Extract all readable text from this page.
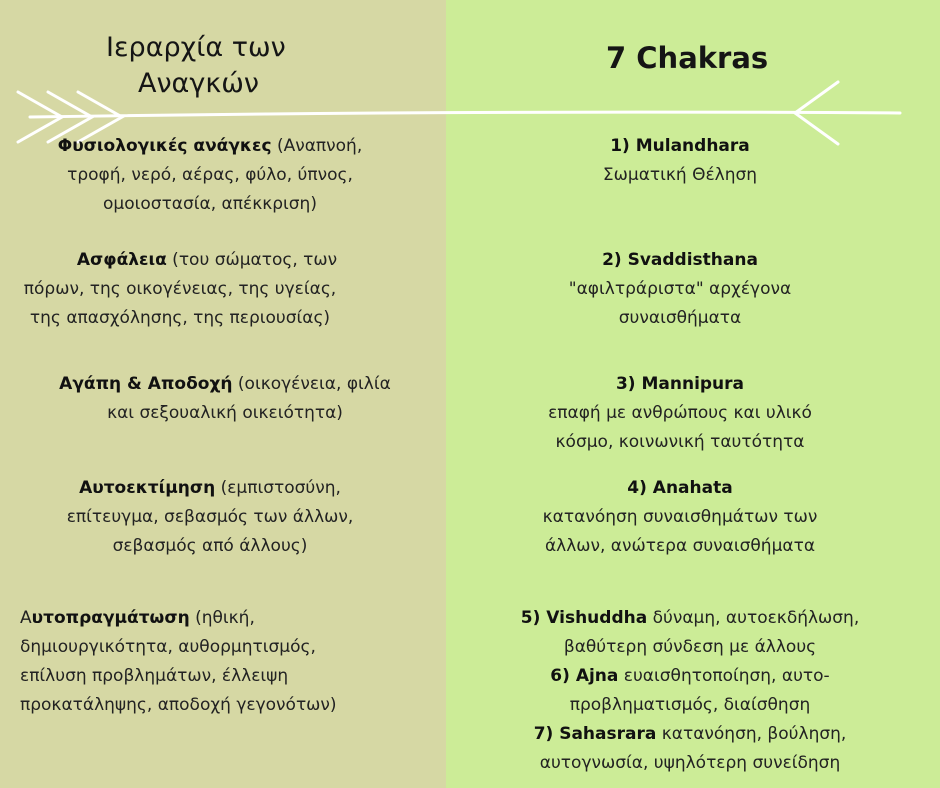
Ιεραρχία των
Αναγκών
7 Chakras
Φυσιολογικές ανάγκες (Αναπνοή,
τροφή, νερό, αέρας, φύλο, ύπνος,
ομοιοστασία, απέκκριση)
Ασφάλεια (του σώματος, των
πόρων, της οικογένειας, της υγείας,
της απασχόλησης, της περιουσίας)
Αγάπη & Αποδοχή (οικογένεια, φιλία
και σεξουαλική οικειότητα)
Αυτοεκτίμηση (εμπιστοσύνη,
επίτευγμα, σεβασμός των άλλων,
σεβασμός από άλλους)
Αυτοπραγμάτωση (ηθική,
δημιουργικότητα, αυθορμητισμός,
επίλυση προβλημάτων, έλλειψη
προκατάληψης, αποδοχή γεγονότων)
1) Mulandhara
Σωματική Θέληση
2) Svaddisthana
"αφιλτράριστα" αρχέγονα
συναισθήματα
3) Mannipura
επαφή με ανθρώπους και υλικό
κόσμο, κοινωνική ταυτότητα
4) Anahata
κατανόηση συναισθημάτων των
άλλων, ανώτερα συναισθήματα
5) Vishuddha δύναμη, αυτοεκδήλωση,
βαθύτερη σύνδεση με άλλους
6) Ajna ευαισθητοποίηση, αυτο-
προβληματισμός, διαίσθηση
7) Sahasrara κατανόηση, βούληση,
αυτογνωσία, υψηλότερη συνείδηση
